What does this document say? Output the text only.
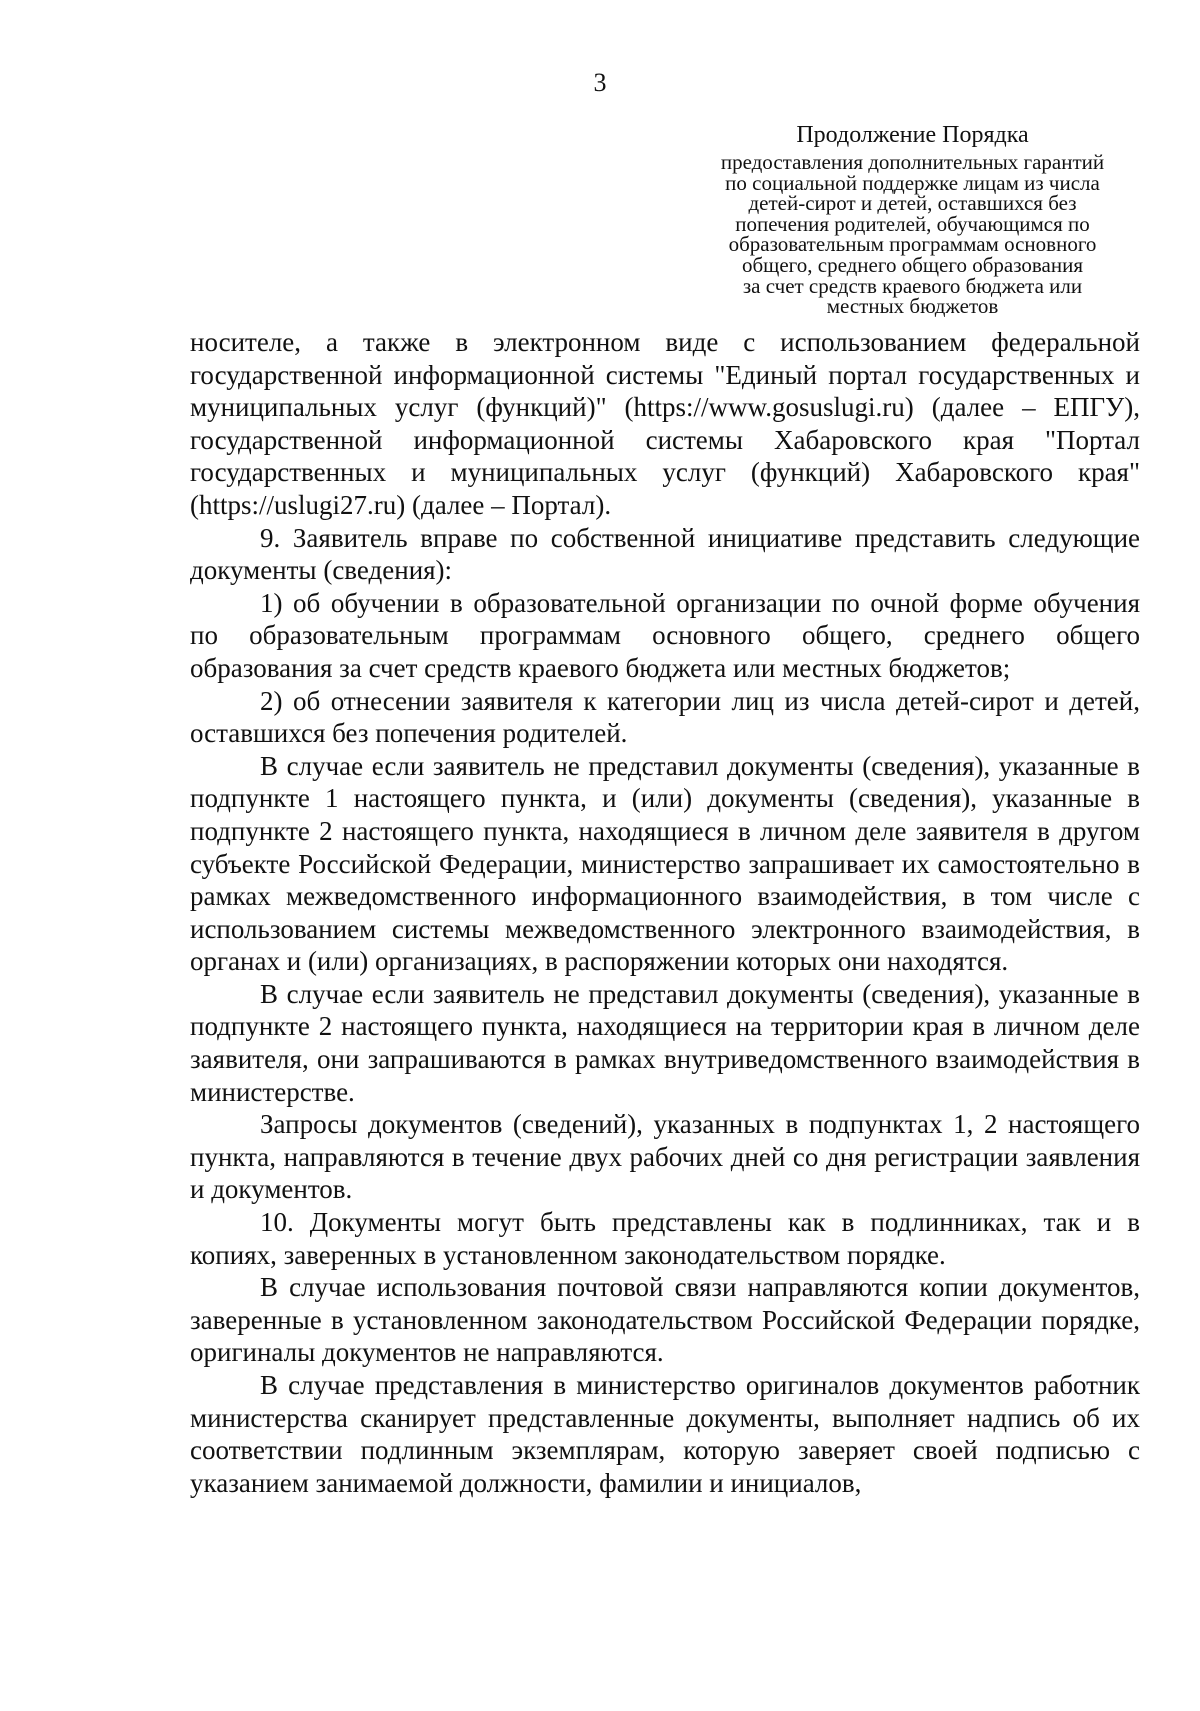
3

Продолжение Порядка

предоставления дополнительных гарантий
по социальной поддержке лицам из числа
детей-сирот и детей, оставшихся без
попечения родителей, обучающимся по
образовательным программам основного
общего, среднего общего образования
за счет средств краевого бюджета или
местных бюджетов

носителе, а также в электронном виде с использованием федеральной государственной информационной системы "Единый портал государственных и муниципальных услуг (функций)" (https://www.gosuslugi.ru) (далее – ЕПГУ), государственной информационной системы Хабаровского края "Портал государственных и муниципальных услуг (функций) Хабаровского края" (https://uslugi27.ru) (далее – Портал).

9. Заявитель вправе по собственной инициативе представить следующие документы (сведения):

1) об обучении в образовательной организации по очной форме обучения по образовательным программам основного общего, среднего общего образования за счет средств краевого бюджета или местных бюджетов;

2) об отнесении заявителя к категории лиц из числа детей-сирот и детей, оставшихся без попечения родителей.

В случае если заявитель не представил документы (сведения), указанные в подпункте 1 настоящего пункта, и (или) документы (сведения), указанные в подпункте 2 настоящего пункта, находящиеся в личном деле заявителя в другом субъекте Российской Федерации, министерство запрашивает их самостоятельно в рамках межведомственного информационного взаимодействия, в том числе с использованием системы межведомственного электронного взаимодействия, в органах и (или) организациях, в распоряжении которых они находятся.

В случае если заявитель не представил документы (сведения), указанные в подпункте 2 настоящего пункта, находящиеся на территории края в личном деле заявителя, они запрашиваются в рамках внутриведомственного взаимодействия в министерстве.

Запросы документов (сведений), указанных в подпунктах 1, 2 настоящего пункта, направляются в течение двух рабочих дней со дня регистрации заявления и документов.

10. Документы могут быть представлены как в подлинниках, так и в копиях, заверенных в установленном законодательством порядке.

В случае использования почтовой связи направляются копии документов, заверенные в установленном законодательством Российской Федерации порядке, оригиналы документов не направляются.

В случае представления в министерство оригиналов документов работник министерства сканирует представленные документы, выполняет надпись об их соответствии подлинным экземплярам, которую заверяет своей подписью с указанием занимаемой должности, фамилии и инициалов,
